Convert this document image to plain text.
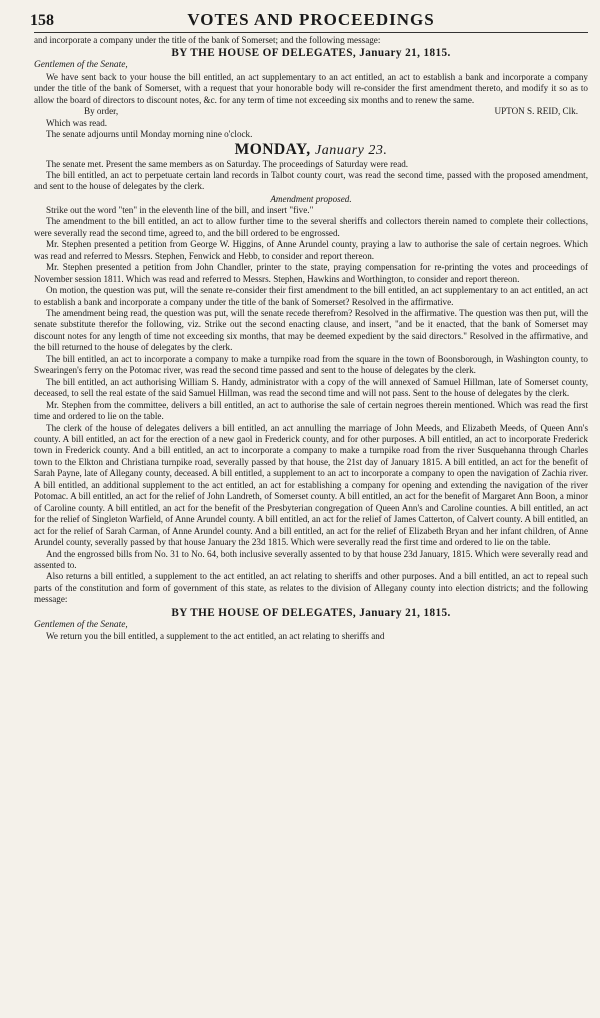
158	VOTES AND PROCEEDINGS

and incorporate a company under the title of the bank of Somerset; and the following message:

BY THE HOUSE OF DELEGATES, January 21, 1815.
Gentlemen of the Senate,

We have sent back to your house the bill entitled, an act supplementary to an act entitled, an act to establish a bank and incorporate a company under the title of the bank of Somerset, with a request that your honorable body will re-consider the first amendment thereto, and modify it so as to allow the board of directors to discount notes, &c. for any term of time not exceeding six months and to renew the same.

By order,	UPTON S. REID, Clk.

Which was read.

The senate adjourns until Monday morning nine o'clock.

MONDAY, January 23.

The senate met. Present the same members as on Saturday. The proceedings of Saturday were read.

The bill entitled, an act to perpetuate certain land records in Talbot county court, was read the second time, passed with the proposed amendment, and sent to the house of delegates by the clerk.

Amendment proposed.

Strike out the word "ten" in the eleventh line of the bill, and insert "five."

The amendment to the bill entitled, an act to allow further time to the several sheriffs and collectors therein named to complete their collections, were severally read the second time, agreed to, and the bill ordered to be engrossed.

Mr. Stephen presented a petition from George W. Higgins, of Anne Arundel county, praying a law to authorise the sale of certain negroes. Which was read and referred to Messrs. Stephen, Fenwick and Hebb, to consider and report thereon.

Mr. Stephen presented a petition from John Chandler, printer to the state, praying compensation for re-printing the votes and proceedings of November session 1811. Which was read and referred to Messrs. Stephen, Hawkins and Worthington, to consider and report thereon.

On motion, the question was put, will the senate re-consider their first amendment to the bill entitled, an act supplementary to an act entitled, an act to establish a bank and incorporate a company under the title of the bank of Somerset? Resolved in the affirmative.

The amendment being read, the question was put, will the senate recede therefrom? Resolved in the affirmative. The question was then put, will the senate substitute therefor the following, viz. Strike out the second enacting clause, and insert, "and be it enacted, that the bank of Somerset may discount notes for any length of time not exceeding six months, that may be deemed expedient by the said directors." Resolved in the affirmative, and the bill returned to the house of delegates by the clerk.

The bill entitled, an act to incorporate a company to make a turnpike road from the square in the town of Boonsborough, in Washington county, to Swearingen's ferry on the Potomac river, was read the second time passed and sent to the house of delegates by the clerk.

The bill entitled, an act authorising William S. Handy, administrator with a copy of the will annexed of Samuel Hillman, late of Somerset county, deceased, to sell the real estate of the said Samuel Hillman, was read the second time and will not pass. Sent to the house of delegates by the clerk.

Mr. Stephen from the committee, delivers a bill entitled, an act to authorise the sale of certain negroes therein mentioned. Which was read the first time and ordered to lie on the table.

The clerk of the house of delegates delivers a bill entitled, an act annulling the marriage of John Meeds, and Elizabeth Meeds, of Queen Ann's county. A bill entitled, an act for the erection of a new gaol in Frederick county, and for other purposes. A bill entitled, an act to incorporate Frederick town in Frederick county. And a bill entitled, an act to incorporate a company to make a turnpike road from the river Susquehanna through Charles town to the Elkton and Christiana turnpike road, severally passed by that house, the 21st day of January 1815. A bill entitled, an act for the benefit of Sarah Payne, late of Allegany county, deceased. A bill entitled, a supplement to an act to incorporate a company to open the navigation of Zachia river. A bill entitled, an additional supplement to the act entitled, an act for establishing a company for opening and extending the navigation of the river Potomac. A bill entitled, an act for the relief of John Landreth, of Somerset county. A bill entitled, an act for the benefit of Margaret Ann Boon, a minor of Caroline county. A bill entitled, an act for the benefit of the Presbyterian congregation of Queen Ann's and Caroline counties. A bill entitled, an act for the relief of Singleton Warfield, of Anne Arundel county. A bill entitled, an act for the relief of James Catterton, of Calvert county. A bill entitled, an act for the relief of Sarah Carman, of Anne Arundel county. And a bill entitled, an act for the relief of Elizabeth Bryan and her infant children, of Anne Arundel county, severally passed by that house January the 23d 1815. Which were severally read the first time and ordered to lie on the table.

And the engrossed bills from No. 31 to No. 64, both inclusive severally assented to by that house 23d January, 1815. Which were severally read and assented to.

Also returns a bill entitled, a supplement to the act entitled, an act relating to sheriffs and other purposes. And a bill entitled, an act to repeal such parts of the constitution and form of government of this state, as relates to the division of Allegany county into election districts; and the following message:

BY THE HOUSE OF DELEGATES, January 21, 1815.
Gentlemen of the Senate,

We return you the bill entitled, a supplement to the act entitled, an act relating to sheriffs and
